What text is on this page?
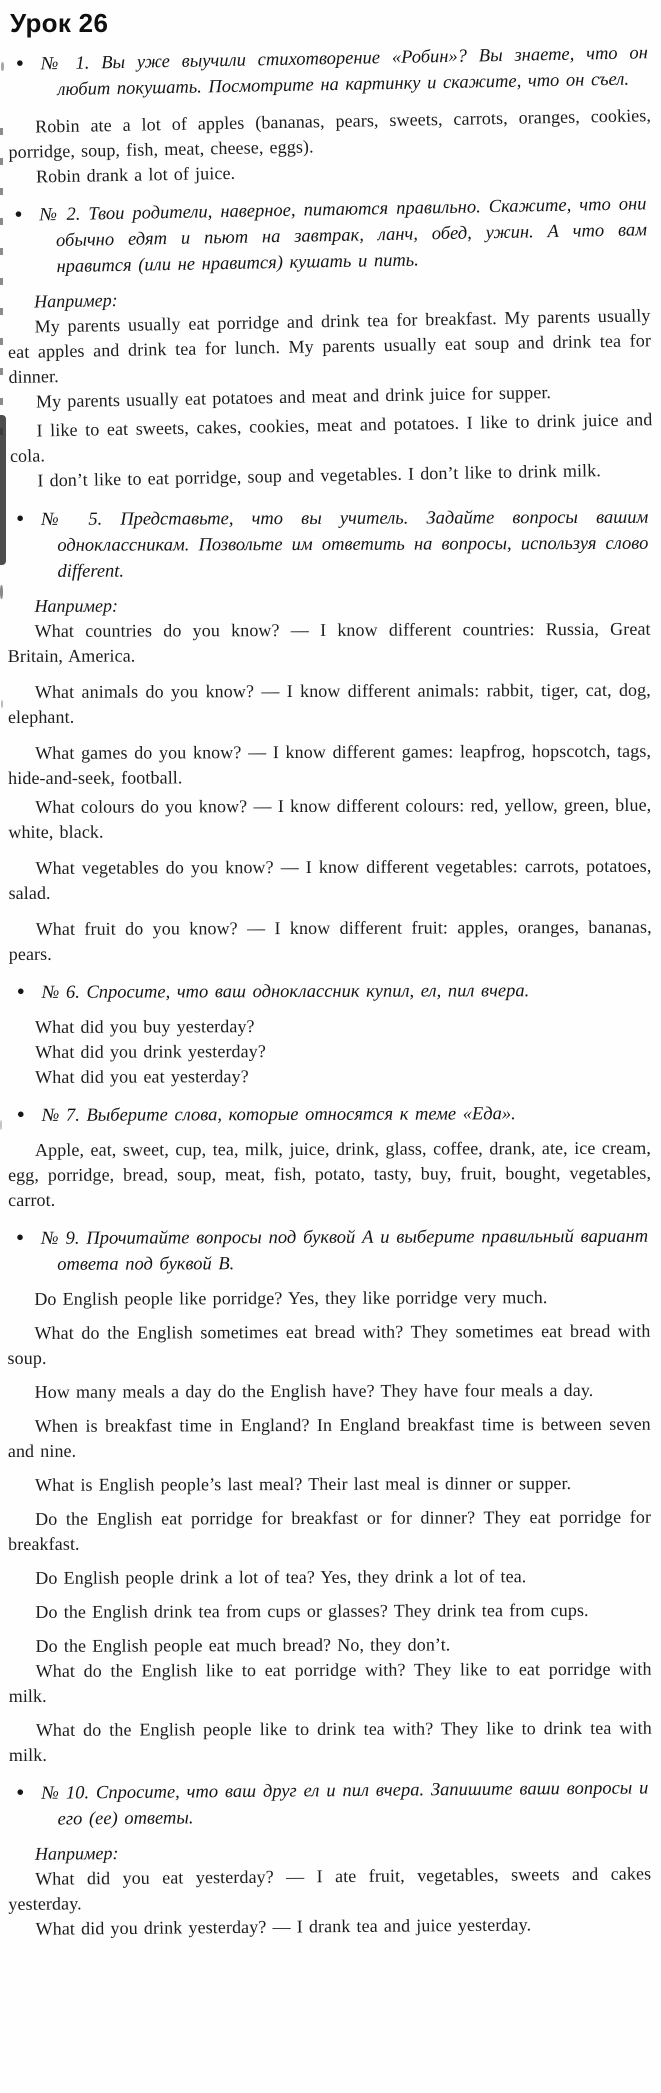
Урок 26
● № 1. Вы уже выучили стихотворение «Робин»? Вы знаете, что он любит покушать. Посмотрите на картинку и скажите, что он съел.

Robin ate a lot of apples (bananas, pears, sweets, carrots, oranges, cookies, porridge, soup, fish, meat, cheese, eggs).

Robin drank a lot of juice.

● № 2. Твои родители, наверное, питаются правильно. Скажите, что они обычно едят и пьют на завтрак, ланч, обед, ужин. А что вам нравится (или не нравится) кушать и пить.

Например:

My parents usually eat porridge and drink tea for breakfast. My parents usually eat apples and drink tea for lunch. My parents usually eat soup and drink tea for dinner.

My parents usually eat potatoes and meat and drink juice for supper.

I like to eat sweets, cakes, cookies, meat and potatoes. I like to drink juice and cola.

I don’t like to eat porridge, soup and vegetables. I don’t like to drink milk.

● № 5. Представьте, что вы учитель. Задайте вопросы вашим одноклассникам. Позвольте им ответить на вопросы, используя слово different.

Например:

What countries do you know? — I know different countries: Russia, Great Britain, America.

What animals do you know? — I know different animals: rabbit, tiger, cat, dog, elephant.

What games do you know? — I know different games: leapfrog, hopscotch, tags, hide-and-seek, football.

What colours do you know? — I know different colours: red, yellow, green, blue, white, black.

What vegetables do you know? — I know different vegetables: carrots, potatoes, salad.

What fruit do you know? — I know different fruit: apples, oranges, bananas, pears.

● № 6. Спросите, что ваш одноклассник купил, ел, пил вчера.

What did you buy yesterday?

What did you drink yesterday?

What did you eat yesterday?

● № 7. Выберите слова, которые относятся к теме «Еда».

Apple, eat, sweet, cup, tea, milk, juice, drink, glass, coffee, drank, ate, ice cream, egg, porridge, bread, soup, meat, fish, potato, tasty, buy, fruit, bought, vegetables, carrot.

● № 9. Прочитайте вопросы под буквой А и выберите правильный вариант ответа под буквой В.

Do English people like porridge? Yes, they like porridge very much.

What do the English sometimes eat bread with? They sometimes eat bread with soup.

How many meals a day do the English have? They have four meals a day.

When is breakfast time in England? In England breakfast time is between seven and nine.

What is English people’s last meal? Their last meal is dinner or supper.

Do the English eat porridge for breakfast or for dinner? They eat porridge for breakfast.

Do English people drink a lot of tea? Yes, they drink a lot of tea.

Do the English drink tea from cups or glasses? They drink tea from cups.

Do the English people eat much bread? No, they don’t.

What do the English like to eat porridge with? They like to eat porridge with milk.

What do the English people like to drink tea with? They like to drink tea with milk.

● № 10. Спросите, что ваш друг ел и пил вчера. Запишите ваши вопросы и его (ее) ответы.

Например:

What did you eat yesterday? — I ate fruit, vegetables, sweets and cakes yesterday.

What did you drink yesterday? — I drank tea and juice yesterday.
